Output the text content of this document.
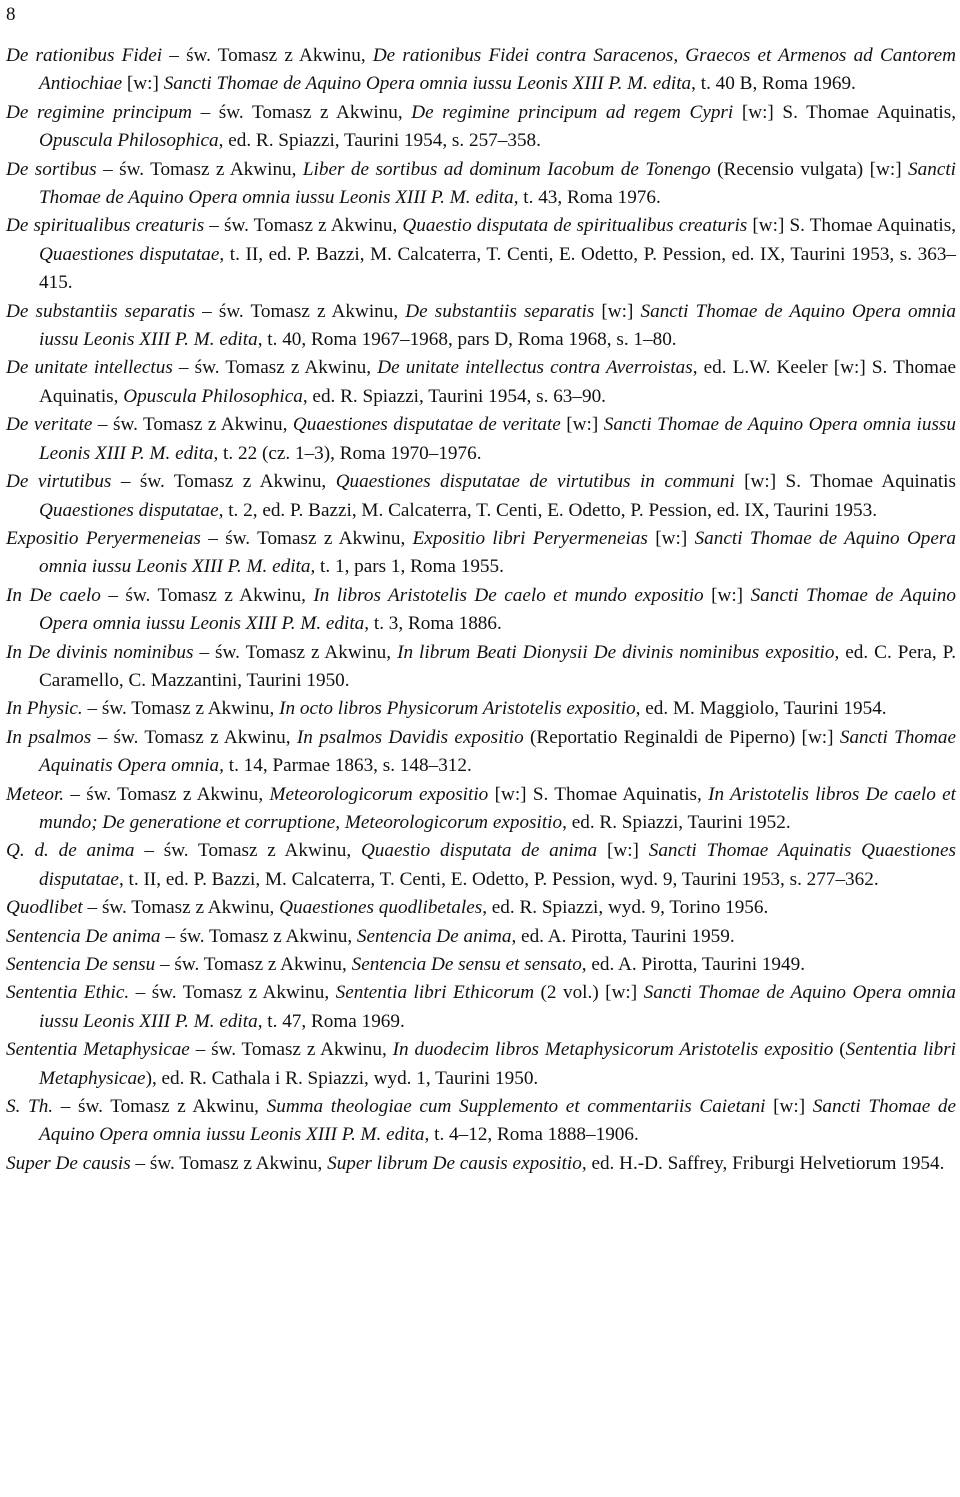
8

De rationibus Fidei – św. Tomasz z Akwinu, De rationibus Fidei contra Saracenos, Graecos et Armenos ad Cantorem Antiochiae [w:] Sancti Thomae de Aquino Opera omnia iussu Leonis XIII P. M. edita, t. 40 B, Roma 1969.

De regimine principum – św. Tomasz z Akwinu, De regimine principum ad regem Cypri [w:] S. Thomae Aquinatis, Opuscula Philosophica, ed. R. Spiazzi, Taurini 1954, s. 257–358.

De sortibus – św. Tomasz z Akwinu, Liber de sortibus ad dominum Iacobum de Tonengo (Recensio vulgata) [w:] Sancti Thomae de Aquino Opera omnia iussu Leonis XIII P. M. edita, t. 43, Roma 1976.

De spiritualibus creaturis – św. Tomasz z Akwinu, Quaestio disputata de spiritualibus creaturis [w:] S. Thomae Aquinatis, Quaestiones disputatae, t. II, ed. P. Bazzi, M. Calcaterra, T. Centi, E. Odetto, P. Pession, ed. IX, Taurini 1953, s. 363–415.

De substantiis separatis – św. Tomasz z Akwinu, De substantiis separatis [w:] Sancti Thomae de Aquino Opera omnia iussu Leonis XIII P. M. edita, t. 40, Roma 1967–1968, pars D, Roma 1968, s. 1–80.

De unitate intellectus – św. Tomasz z Akwinu, De unitate intellectus contra Averroistas, ed. L.W. Keeler [w:] S. Thomae Aquinatis, Opuscula Philosophica, ed. R. Spiazzi, Taurini 1954, s. 63–90.

De veritate – św. Tomasz z Akwinu, Quaestiones disputatae de veritate [w:] Sancti Thomae de Aquino Opera omnia iussu Leonis XIII P. M. edita, t. 22 (cz. 1–3), Roma 1970–1976.

De virtutibus – św. Tomasz z Akwinu, Quaestiones disputatae de virtutibus in communi [w:] S. Thomae Aquinatis Quaestiones disputatae, t. 2, ed. P. Bazzi, M. Calcaterra, T. Centi, E. Odetto, P. Pession, ed. IX, Taurini 1953.

Expositio Peryermeneias – św. Tomasz z Akwinu, Expositio libri Peryermeneias [w:] Sancti Thomae de Aquino Opera omnia iussu Leonis XIII P. M. edita, t. 1, pars 1, Roma 1955.

In De caelo – św. Tomasz z Akwinu, In libros Aristotelis De caelo et mundo expositio [w:] Sancti Thomae de Aquino Opera omnia iussu Leonis XIII P. M. edita, t. 3, Roma 1886.

In De divinis nominibus – św. Tomasz z Akwinu, In librum Beati Dionysii De divinis nominibus expositio, ed. C. Pera, P. Caramello, C. Mazzantini, Taurini 1950.

In Physic. – św. Tomasz z Akwinu, In octo libros Physicorum Aristotelis expositio, ed. M. Maggiolo, Taurini 1954.

In psalmos – św. Tomasz z Akwinu, In psalmos Davidis expositio (Reportatio Reginaldi de Piperno) [w:] Sancti Thomae Aquinatis Opera omnia, t. 14, Parmae 1863, s. 148–312.

Meteor. – św. Tomasz z Akwinu, Meteorologicorum expositio [w:] S. Thomae Aquinatis, In Aristotelis libros De caelo et mundo; De generatione et corruptione, Meteorologicorum expositio, ed. R. Spiazzi, Taurini 1952.

Q. d. de anima – św. Tomasz z Akwinu, Quaestio disputata de anima [w:] Sancti Thomae Aquinatis Quaestiones disputatae, t. II, ed. P. Bazzi, M. Calcaterra, T. Centi, E. Odetto, P. Pession, wyd. 9, Taurini 1953, s. 277–362.

Quodlibet – św. Tomasz z Akwinu, Quaestiones quodlibetales, ed. R. Spiazzi, wyd. 9, Torino 1956.

Sentencia De anima – św. Tomasz z Akwinu, Sentencia De anima, ed. A. Pirotta, Taurini 1959.

Sentencia De sensu – św. Tomasz z Akwinu, Sentencia De sensu et sensato, ed. A. Pirotta, Taurini 1949.

Sententia Ethic. – św. Tomasz z Akwinu, Sententia libri Ethicorum (2 vol.) [w:] Sancti Thomae de Aquino Opera omnia iussu Leonis XIII P. M. edita, t. 47, Roma 1969.

Sententia Metaphysicae – św. Tomasz z Akwinu, In duodecim libros Metaphysicorum Aristotelis expositio (Sententia libri Metaphysicae), ed. R. Cathala i R. Spiazzi, wyd. 1, Taurini 1950.

S. Th. – św. Tomasz z Akwinu, Summa theologiae cum Supplemento et commentariis Caietani [w:] Sancti Thomae de Aquino Opera omnia iussu Leonis XIII P. M. edita, t. 4–12, Roma 1888–1906.

Super De causis – św. Tomasz z Akwinu, Super librum De causis expositio, ed. H.-D. Saffrey, Friburgi Helvetiorum 1954.
